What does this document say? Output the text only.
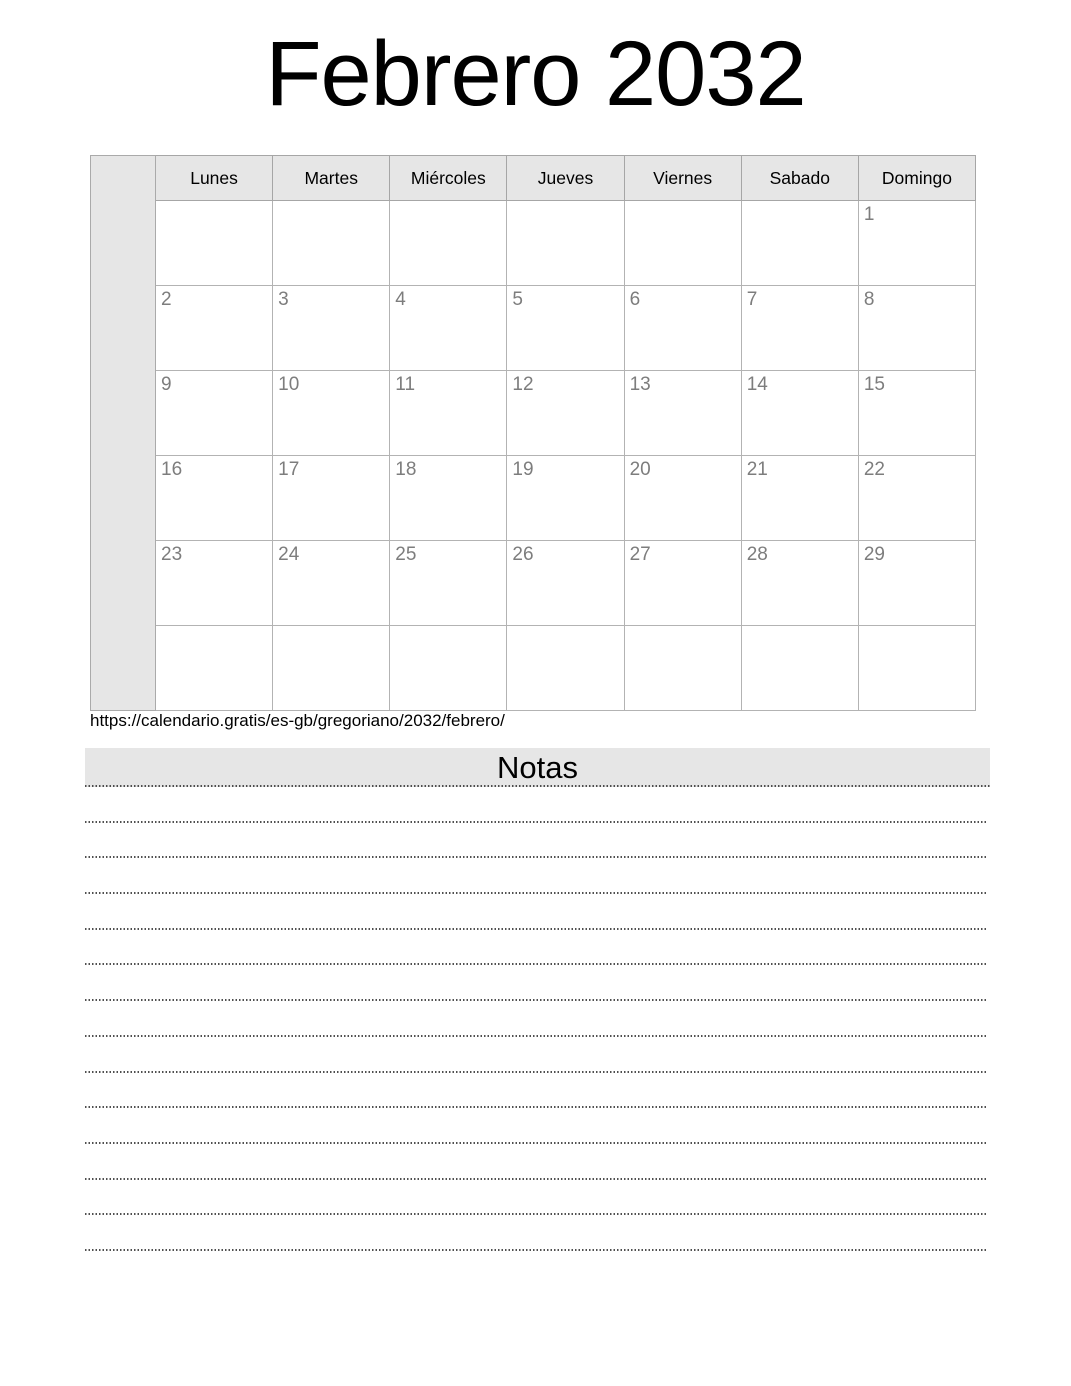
Febrero 2032
	Lunes	Martes	Miércoles	Jueves	Viernes	Sabado	Domingo
							1
	2	3	4	5	6	7	8
	9	10	11	12	13	14	15
	16	17	18	19	20	21	22
	23	24	25	26	27	28	29

https://calendario.gratis/es-gb/gregoriano/2032/febrero/
Notas
